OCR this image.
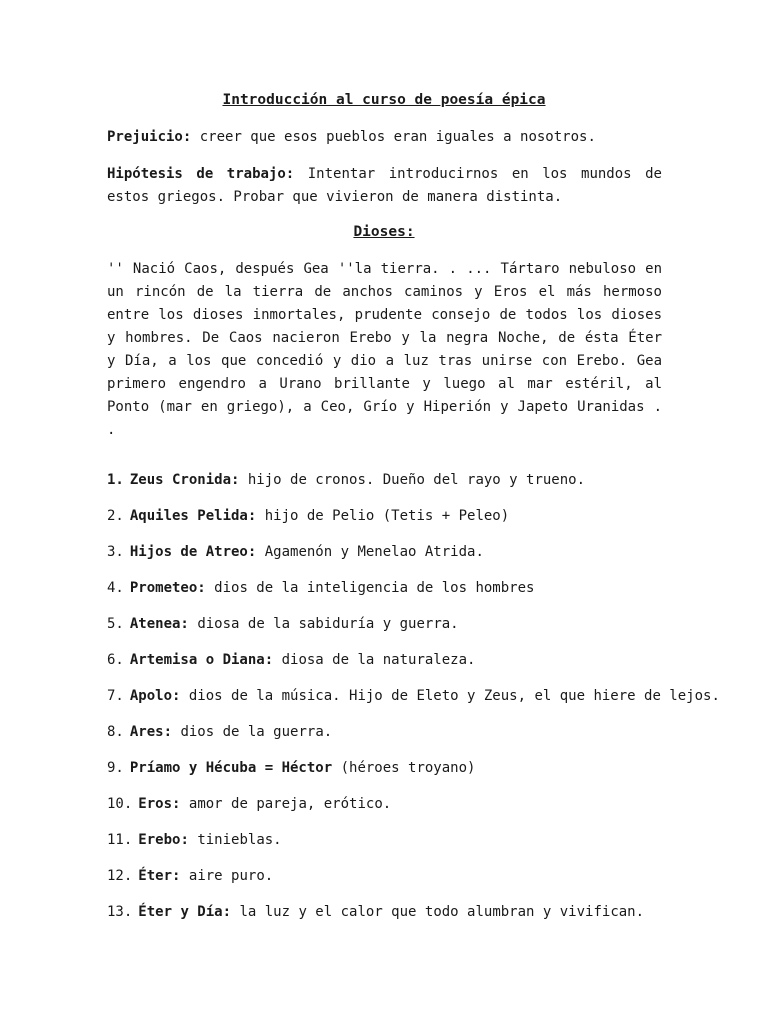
Introducción al curso de poesía épica
Prejuicio: creer que esos pueblos eran iguales a nosotros.
Hipótesis de trabajo: Intentar introducirnos en los mundos de estos griegos. Probar que vivieron de manera distinta.
Dioses:
'' Nació Caos, después Gea ''la tierra. . ... Tártaro nebuloso en un rincón de la tierra de anchos caminos y Eros el más hermoso entre los dioses inmortales, prudente consejo de todos los dioses y hombres. De Caos nacieron Erebo y la negra Noche, de ésta Éter y Día, a los que concedió y dio a luz tras unirse con Erebo. Gea primero engendro a Urano brillante y luego al mar estéril, al Ponto (mar en griego), a Ceo, Grío y Hiperión y Japeto Uranidas . .
1. Zeus Cronida: hijo de cronos. Dueño del rayo y trueno.
2. Aquiles Pelida: hijo de Pelio (Tetis + Peleo)
3. Hijos de Atreo: Agamenón y Menelao Atrida.
4. Prometeo: dios de la inteligencia de los hombres
5. Atenea: diosa de la sabiduría y guerra.
6. Artemisa o Diana: diosa de la naturaleza.
7. Apolo: dios de la música. Hijo de Eleto y Zeus, el que hiere de lejos.
8. Ares: dios de la guerra.
9. Príamo y Hécuba = Héctor (héroes troyano)
10. Eros: amor de pareja, erótico.
11. Erebo: tinieblas.
12. Éter: aire puro.
13. Éter y Día: la luz y el calor que todo alumbran y vivifican.
